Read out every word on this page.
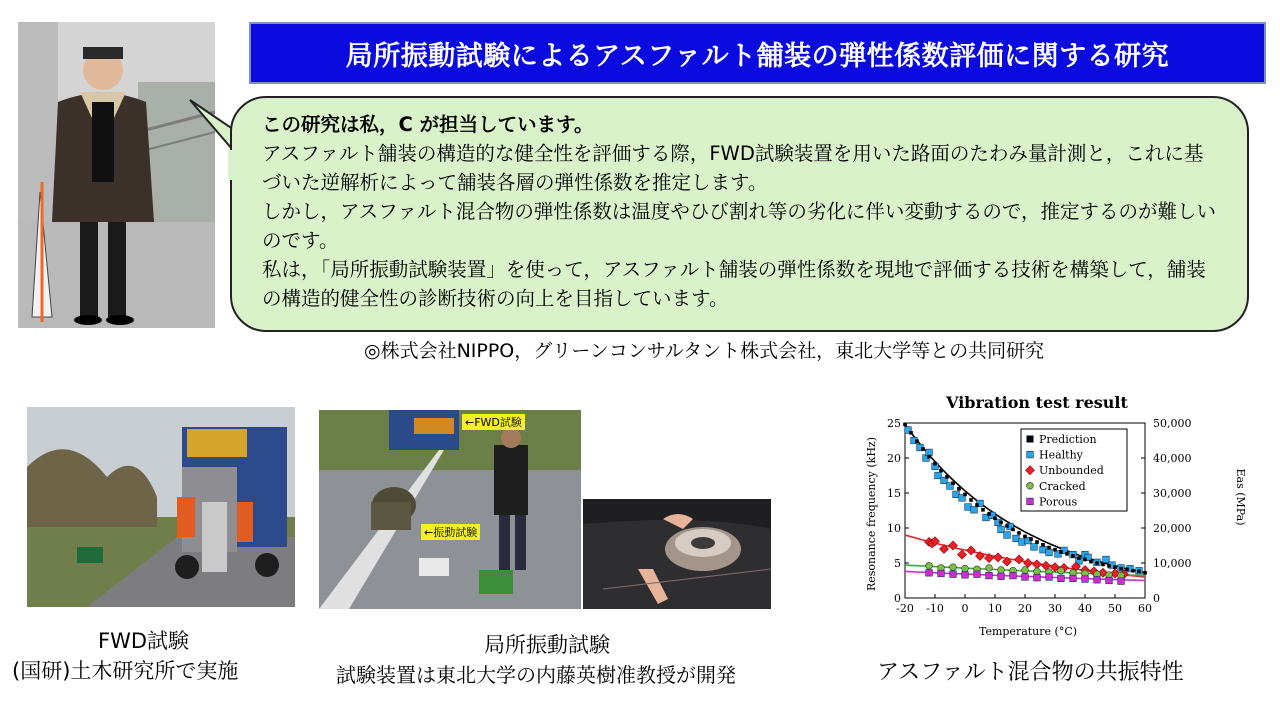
局所振動試験によるアスファルト舗装の弾性係数評価に関する研究

この研究は私，C が担当しています。

アスファルト舗装の構造的な健全性を評価する際，FWD試験装置を用いた路面のたわみ量計測と，これに基づいた逆解析によって舗装各層の弾性係数を推定します。

しかし，アスファルト混合物の弾性係数は温度やひび割れ等の劣化に伴い変動するので，推定するのが難しいのです。

私は，「局所振動試験装置」を使って，アスファルト舗装の弾性係数を現地で評価する技術を構築して，舗装の構造的健全性の診断技術の向上を目指しています。

◎株式会社NIPPO，グリーンコンサルタント株式会社，東北大学等との共同研究
←FWD試験
←振動試験
FWD試験
(国研)土木研究所で実施
局所振動試験
試験装置は東北大学の内藤英樹准教授が開発	アスファルト混合物の共振特性
Vibration test result
-20 -10 0 10 20 30 40 50 60
0
5
10
15
20
25
0
10,000
20,000
30,000
40,000
50,000
Prediction
Healthy
Unbounded
Cracked
Porous
Temperature (°C)
Resonance frequency (kHz)	Eas (MPa)
